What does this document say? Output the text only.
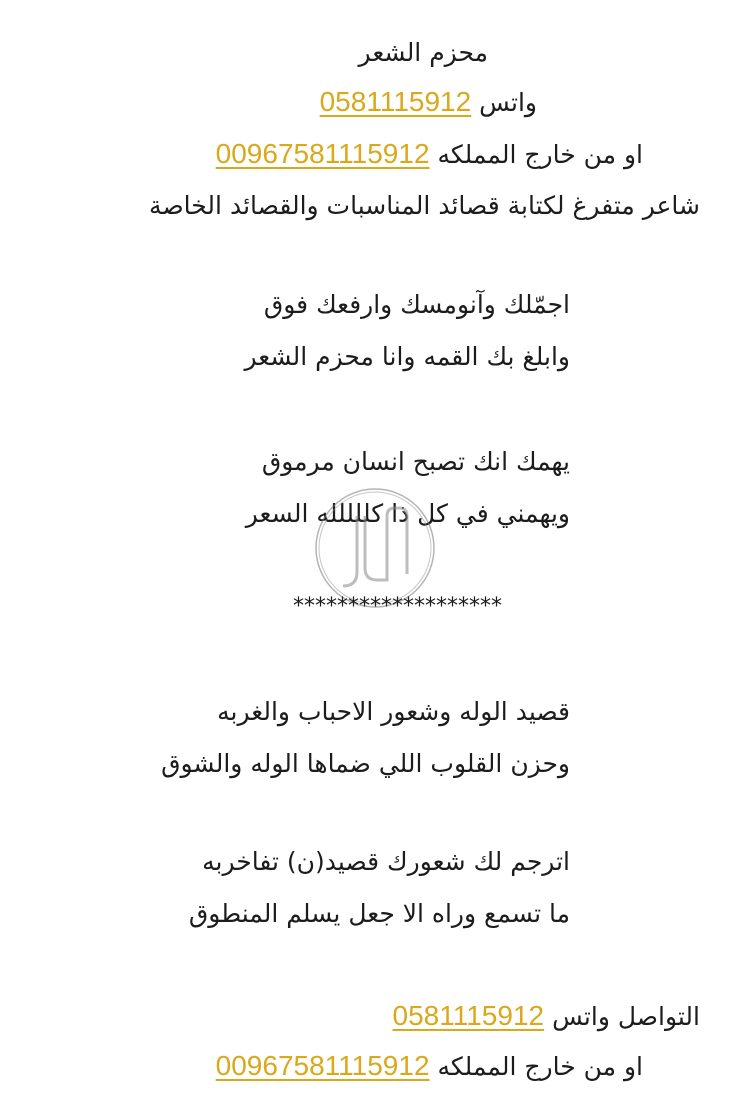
محزم الشعر
واتس 0581115912
او من خارج المملكه 00967581115912
شاعر متفرغ لكتابة قصائد المناسبات والقصائد الخاصة
اجمّلك وآنومسك وارفعك فوق
وابلغ بك القمه وانا محزم الشعر
يهمك انك تصبح انسان مرموق
ويهمني في كل ذا كللللله السعر
*******************
قصيد الوله وشعور الاحباب والغربه
وحزن القلوب اللي ضماها الوله والشوق
اترجم لك شعورك قصيد(ن) تفاخربه
ما تسمع وراه الا جعل يسلم المنطوق
التواصل واتس 0581115912
او من خارج المملكه 00967581115912
